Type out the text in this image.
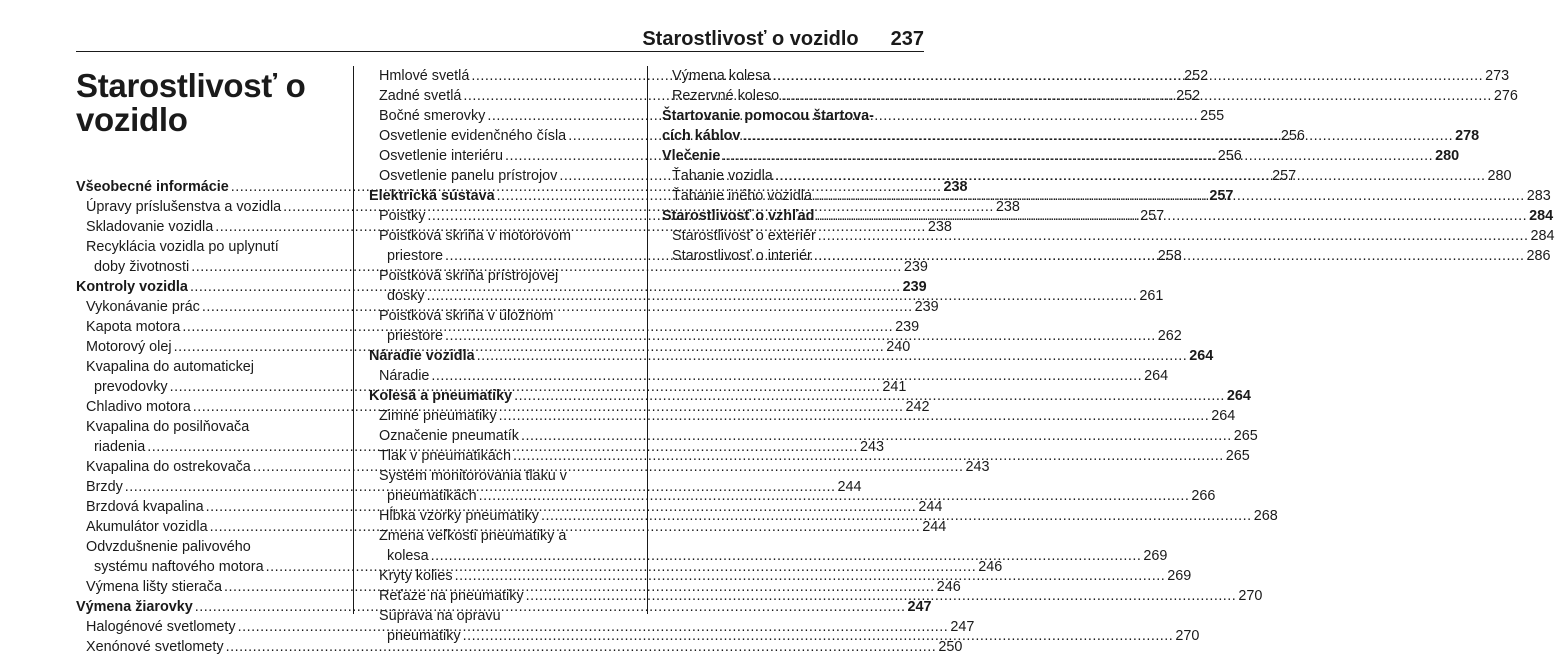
Starostlivosť o vozidlo 237
Starostlivosť o
vozidlo
Všeobecné informácie .....	238
Úpravy príslušenstva a vozidla .....	238
Skladovanie vozidla .....	238
Recyklácia vozidla po uplynutí
doby životnosti .....	239
Kontroly vozidla .....	239
Vykonávanie prác .....	239
Kapota motora .....	239
Motorový olej .....	240
Kvapalina do automatickej
prevodovky .....	241
Chladivo motora .....	242
Kvapalina do posilňovača
riadenia .....	243
Kvapalina do ostrekovača .....	243
Brzdy .....	244
Brzdová kvapalina .....	244
Akumulátor vozidla .....	244
Odvzdušnenie palivového
systému naftového motora .....	246
Výmena lišty stierača .....	246
Výmena žiarovky .....	247
Halogénové svetlomety .....	247
Xenónové svetlomety .....	250
Hmlové svetlá .....	252
Zadné svetlá .....	252
Bočné smerovky .....	255
Osvetlenie evidenčného čísla .....	256
Osvetlenie interiéru .....	256
Osvetlenie panelu prístrojov .....	257
Elektrická sústava .....	257
Poistky .....	257
Poistková skriňa v motorovom
priestore .....	258
Poistková skriňa prístrojovej
dosky .....	261
Poistková skriňa v úložnom
priestore .....	262
Náradie vozidla .....	264
Náradie .....	264
Kolesá a pneumatiky .....	264
Zimné pneumatiky .....	264
Označenie pneumatík .....	265
Tlak v pneumatikách .....	265
Systém monitorovania tlaku v
pneumatikách .....	266
Hĺbka vzorky pneumatiky .....	268
Zmena veľkosti pneumatiky a
kolesa .....	269
Kryty kolies .....	269
Reťaze na pneumatiky .....	270
Súprava na opravu
pneumatiky .....	270
Výmena kolesa .....	273
Rezervné koleso .....	276
Štartovanie pomocou štartova-
cích káblov .....	278
Vlečenie .....	280
Ťahanie vozidla .....	280
Ťahanie iného vozidla .....	283
Starostlivosť o vzhľad .....	284
Starostlivosť o exteriér .....	284
Starostlivosť o interiér .....	286
